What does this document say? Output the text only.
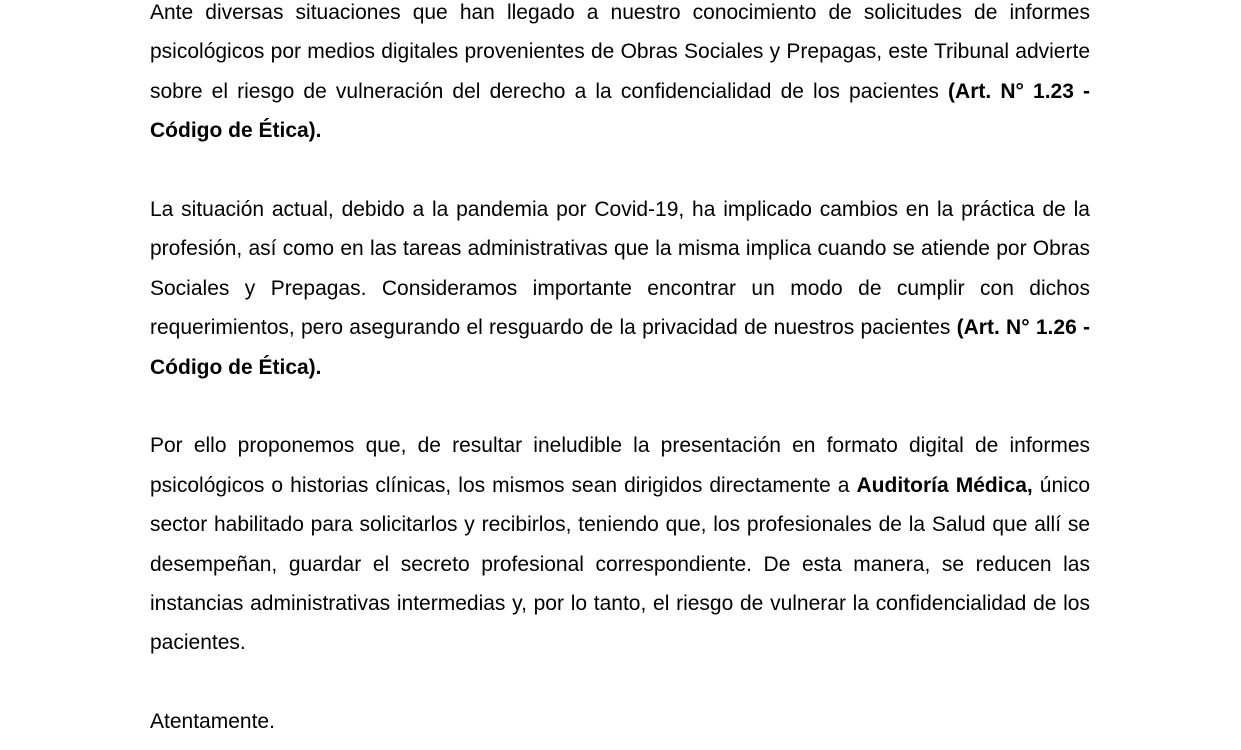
Ante diversas situaciones que han llegado a nuestro conocimiento de solicitudes de informes psicológicos por medios digitales provenientes de Obras Sociales y Prepagas, este Tribunal advierte sobre el riesgo de vulneración del derecho a la confidencialidad de los pacientes (Art. N° 1.23 - Código de Ética).

La situación actual, debido a la pandemia por Covid-19, ha implicado cambios en la práctica de la profesión, así como en las tareas administrativas que la misma implica cuando se atiende por Obras Sociales y Prepagas. Consideramos importante encontrar un modo de cumplir con dichos requerimientos, pero asegurando el resguardo de la privacidad de nuestros pacientes (Art. N° 1.26 - Código de Ética).

Por ello proponemos que, de resultar ineludible la presentación en formato digital de informes psicológicos o historias clínicas, los mismos sean dirigidos directamente a Auditoría Médica, único sector habilitado para solicitarlos y recibirlos, teniendo que, los profesionales de la Salud que allí se desempeñan, guardar el secreto profesional correspondiente. De esta manera, se reducen las instancias administrativas intermedias y, por lo tanto, el riesgo de vulnerar la confidencialidad de los pacientes.

Atentamente.
